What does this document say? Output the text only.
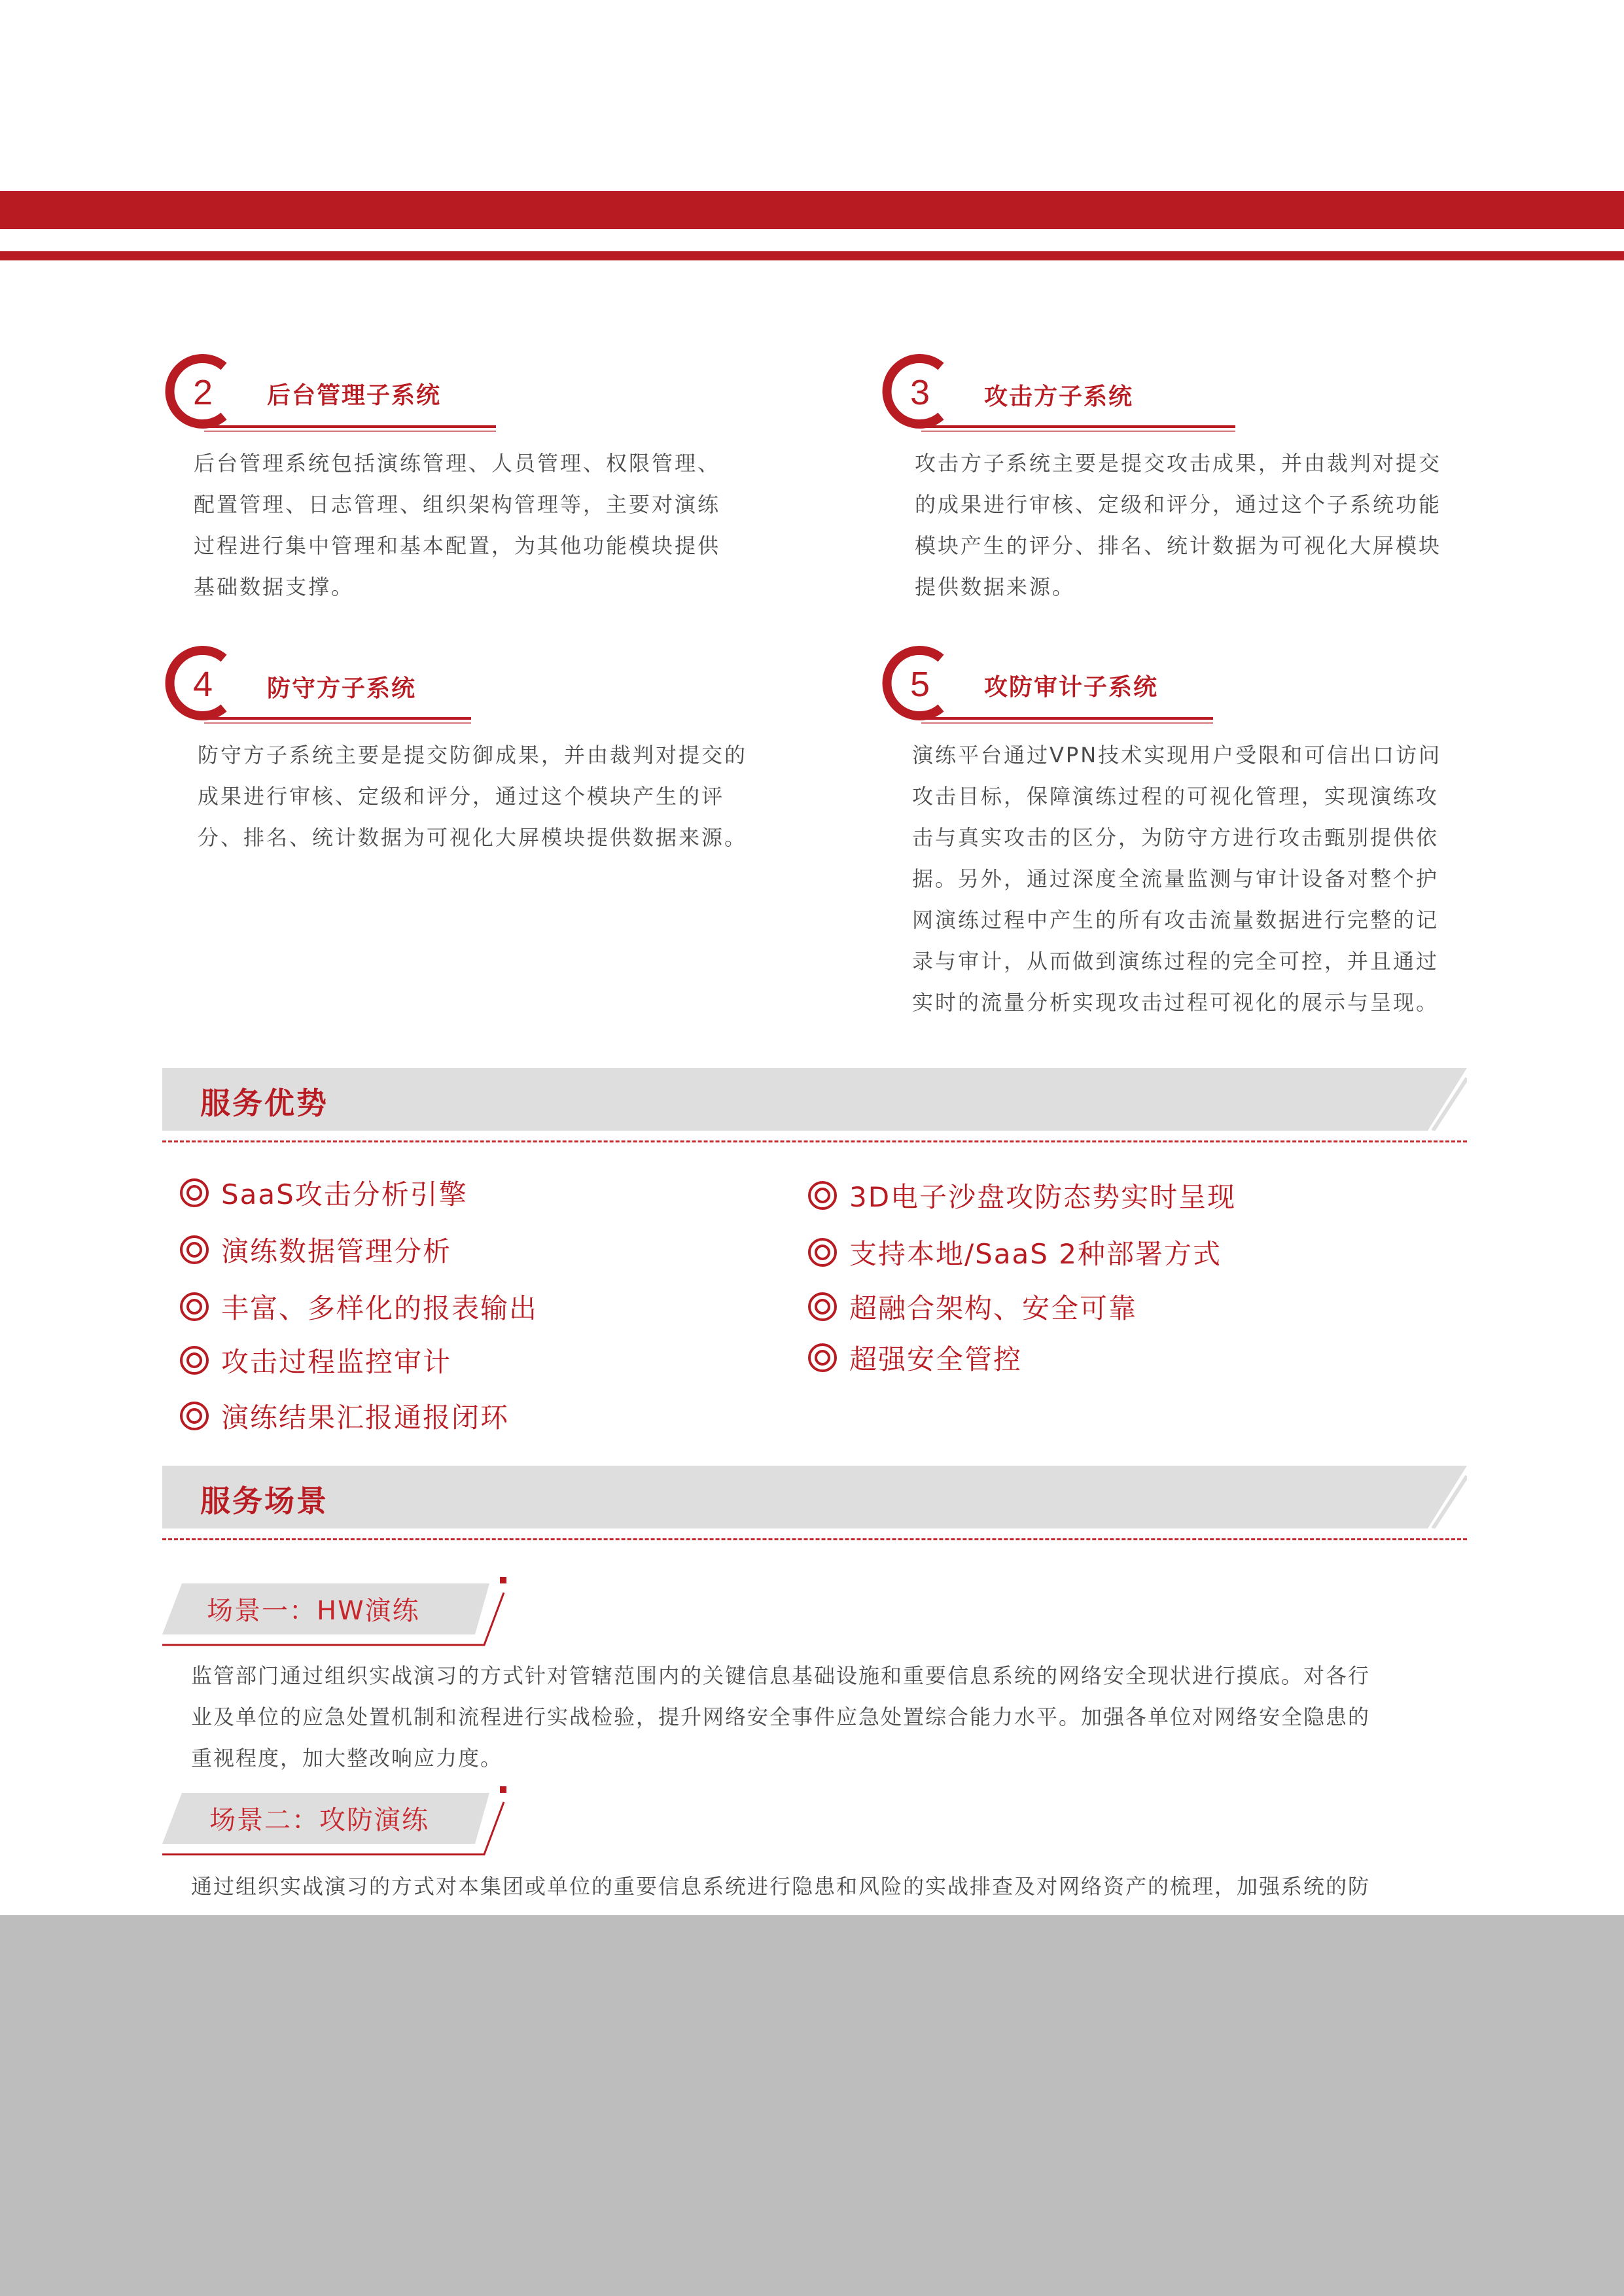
2 后台管理子系统
后台管理系统包括演练管理、人员管理、权限管理、
配置管理、日志管理、组织架构管理等，主要对演练
过程进行集中管理和基本配置，为其他功能模块提供
基础数据支撑。
3 攻击方子系统
攻击方子系统主要是提交攻击成果，并由裁判对提交
的成果进行审核、定级和评分，通过这个子系统功能
模块产生的评分、排名、统计数据为可视化大屏模块
提供数据来源。
4 防守方子系统
防守方子系统主要是提交防御成果，并由裁判对提交的
成果进行审核、定级和评分，通过这个模块产生的评
分、排名、统计数据为可视化大屏模块提供数据来源。
5 攻防审计子系统
演练平台通过VPN技术实现用户受限和可信出口访问
攻击目标，保障演练过程的可视化管理，实现演练攻
击与真实攻击的区分，为防守方进行攻击甄别提供依
据。另外，通过深度全流量监测与审计设备对整个护
网演练过程中产生的所有攻击流量数据进行完整的记
录与审计，从而做到演练过程的完全可控，并且通过
实时的流量分析实现攻击过程可视化的展示与呈现。
服务优势
SaaS攻击分析引擎
演练数据管理分析
丰富、多样化的报表输出
攻击过程监控审计
演练结果汇报通报闭环
3D电子沙盘攻防态势实时呈现
支持本地/SaaS 2种部署方式
超融合架构、安全可靠
超强安全管控
服务场景
场景一：HW演练
监管部门通过组织实战演习的方式针对管辖范围内的关键信息基础设施和重要信息系统的网络安全现状进行摸底。对各行
业及单位的应急处置机制和流程进行实战检验，提升网络安全事件应急处置综合能力水平。加强各单位对网络安全隐患的
重视程度，加大整改响应力度。
场景二：攻防演练
通过组织实战演习的方式对本集团或单位的重要信息系统进行隐患和风险的实战排查及对网络资产的梳理，加强系统的防
